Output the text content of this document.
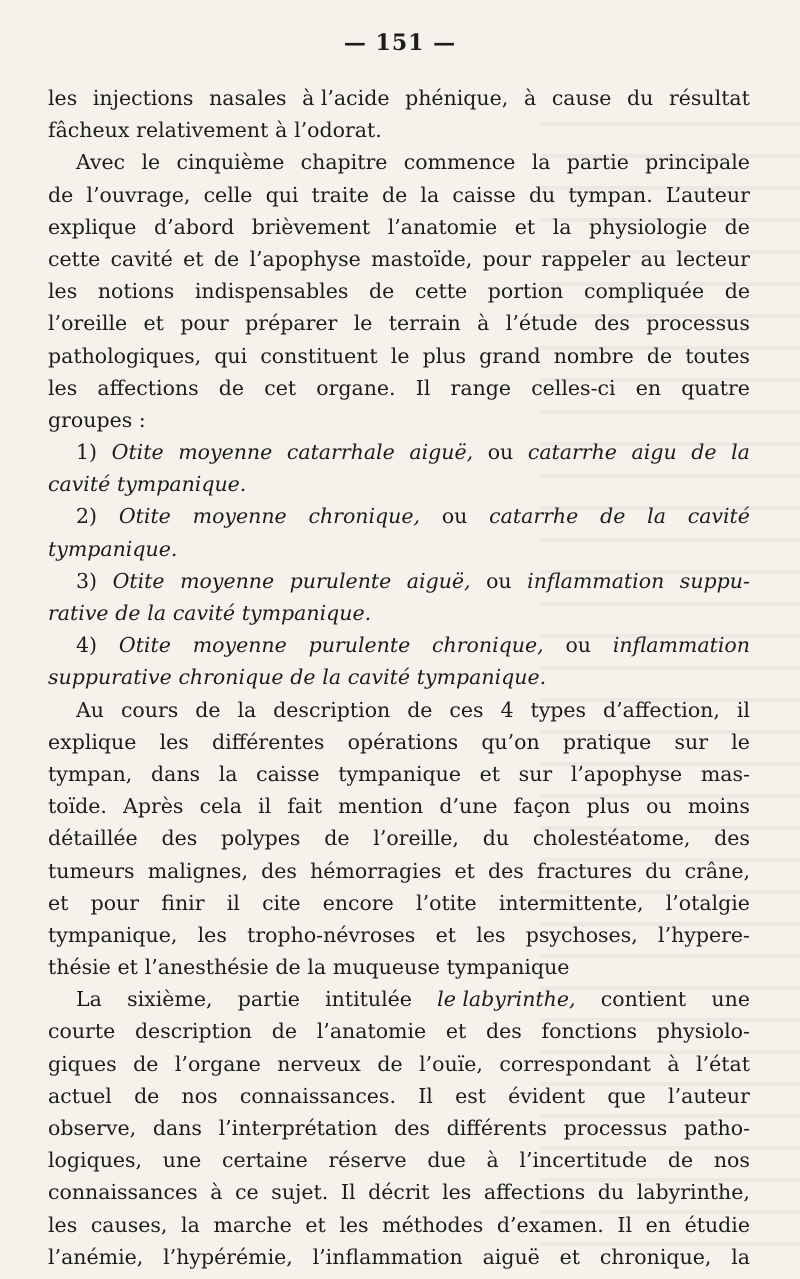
— 151 —
les injections nasales à l’acide phénique, à cause du résultat
fâcheux relativement à l’odorat.
Avec le cinquième chapitre commence la partie principale
de l’ouvrage, celle qui traite de la caisse du tympan. L’auteur
explique d’abord brièvement l’anatomie et la physiologie de
cette cavité et de l’apophyse mastoïde, pour rappeler au lecteur
les notions indispensables de cette portion compliquée de
l’oreille et pour préparer le terrain à l’étude des processus
pathologiques, qui constituent le plus grand nombre de toutes
les affections de cet organe. Il range celles-ci en quatre
groupes :
1) Otite moyenne catarrhale aiguë, ou catarrhe aigu de la
cavité tympanique.
2) Otite moyenne chronique, ou catarrhe de la cavité
tympanique.
3) Otite moyenne purulente aiguë, ou inflammation suppu-
rative de la cavité tympanique.
4) Otite moyenne purulente chronique, ou inflammation
suppurative chronique de la cavité tympanique.
Au cours de la description de ces 4 types d’affection, il
explique les différentes opérations qu’on pratique sur le
tympan, dans la caisse tympanique et sur l’apophyse mas-
toïde. Après cela il fait mention d’une façon plus ou moins
détaillée des polypes de l’oreille, du cholestéatome, des
tumeurs malignes, des hémorragies et des fractures du crâne,
et pour finir il cite encore l’otite intermittente, l’otalgie
tympanique, les tropho-névroses et les psychoses, l’hypere-
thésie et l’anesthésie de la muqueuse tympanique
La sixième, partie intitulée le labyrinthe, contient une
courte description de l’anatomie et des fonctions physiolo-
giques de l’organe nerveux de l’ouïe, correspondant à l’état
actuel de nos connaissances. Il est évident que l’auteur
observe, dans l’interprétation des différents processus patho-
logiques, une certaine réserve due à l’incertitude de nos
connaissances à ce sujet. Il décrit les affections du labyrinthe,
les causes, la marche et les méthodes d’examen. Il en étudie
l’anémie, l’hypérémie, l’inflammation aiguë et chronique, la
